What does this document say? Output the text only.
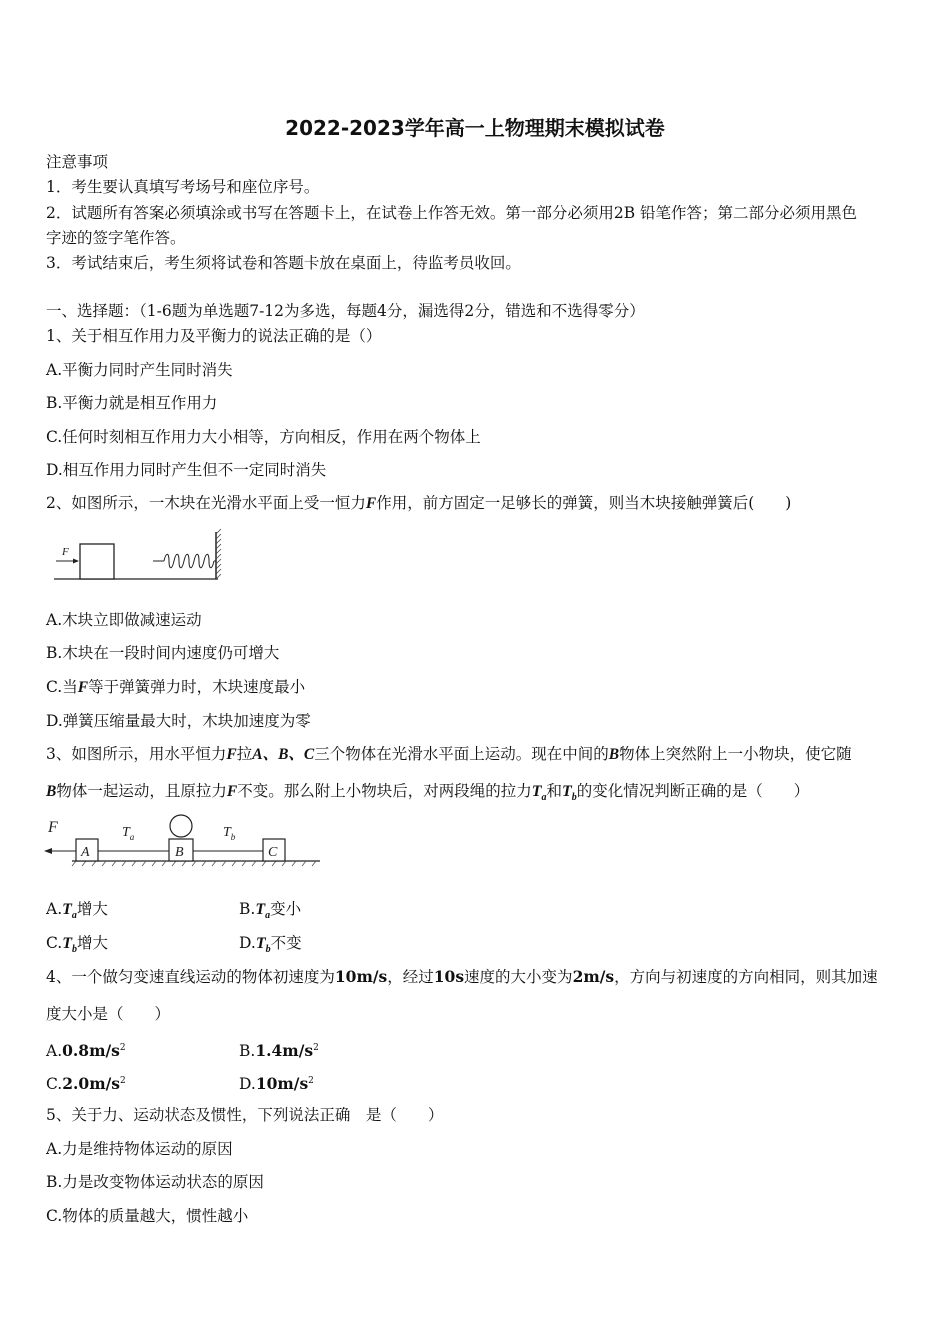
2022-2023学年高一上物理期末模拟试卷
注意事项
1．考生要认真填写考场号和座位序号。
2．试题所有答案必须填涂或书写在答题卡上，在试卷上作答无效。第一部分必须用2B 铅笔作答；第二部分必须用黑色
字迹的签字笔作答。
3．考试结束后，考生须将试卷和答题卡放在桌面上，待监考员收回。
一、选择题：（1-6题为单选题7-12为多选，每题4分，漏选得2分，错选和不选得零分）
1、关于相互作用力及平衡力的说法正确的是（）
A.平衡力同时产生同时消失
B.平衡力就是相互作用力
C.任何时刻相互作用力大小相等，方向相反，作用在两个物体上
D.相互作用力同时产生但不一定同时消失
2、如图所示，一木块在光滑水平面上受一恒力F作用，前方固定一足够长的弹簧，则当木块接触弹簧后(　　)
F
A.木块立即做减速运动
B.木块在一段时间内速度仍可增大
C.当F等于弹簧弹力时，木块速度最小
D.弹簧压缩量最大时，木块加速度为零
3、如图所示，用水平恒力F拉A、B、C三个物体在光滑水平面上运动。现在中间的B物体上突然附上一小物块，使它随
B物体一起运动，且原拉力F不变。那么附上小物块后，对两段绳的拉力$T_a$和$T_b$的变化情况判断正确的是（　　）
F
A
$T_a$
B
$T_b$
C
$A.T_a$增大	$B.T_a$变小
$C.T_b$增大	$D.T_b$不变
4、一个做匀变速直线运动的物体初速度为10m/s，经过10s速度的大小变为2m/s，方向与初速度的方向相同，则其加速
度大小是（　　）
$A.0.8m/s^2$	$B.1.4m/s^2$
$C.2.0m/s^2$	$D.10m/s^2$
5、关于力、运动状态及惯性，下列说法正确　是（　　）
A.力是维持物体运动的原因
B.力是改变物体运动状态的原因
C.物体的质量越大，惯性越小
